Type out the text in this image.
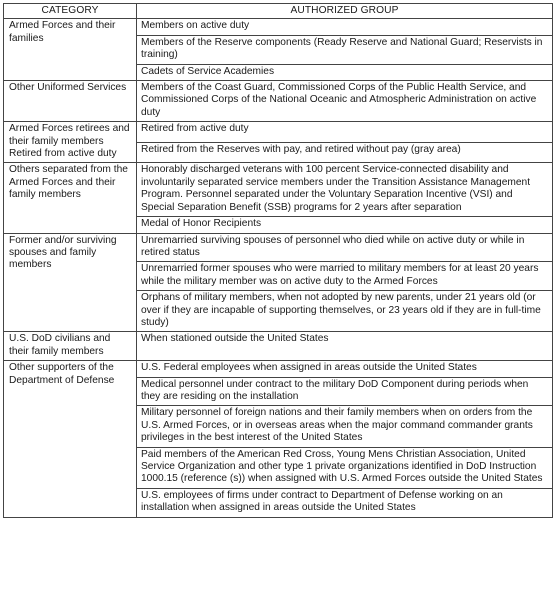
CATEGORY	AUTHORIZED GROUP
Armed Forces and their families	Members on active duty
	Members of the Reserve components (Ready Reserve and National Guard; Reservists in training)
	Cadets of Service Academies
Other Uniformed Services	Members of the Coast Guard, Commissioned Corps of the Public Health Service, and Commissioned Corps of the National Oceanic and Atmospheric Administration on active duty
Armed Forces retirees and their family members Retired from active duty	Retired from active duty
	Retired from the Reserves with pay, and retired without pay (gray area)
Others separated from the Armed Forces and their family members	Honorably discharged veterans with 100 percent Service-connected disability and involuntarily separated service members under the Transition Assistance Management Program. Personnel separated under the Voluntary Separation Incentive (VSI) and Special Separation Benefit (SSB) programs for 2 years after separation
	Medal of Honor Recipients
Former and/or surviving spouses and family members	Unremarried surviving spouses of personnel who died while on active duty or while in retired status
	Unremarried former spouses who were married to military members for at least 20 years while the military member was on active duty to the Armed Forces
	Orphans of military members, when not adopted by new parents, under 21 years old (or over if they are incapable of supporting themselves, or 23 years old if they are in full-time study)
U.S. DoD civilians and their family members	When stationed outside the United States
Other supporters of the Department of Defense	U.S. Federal employees when assigned in areas outside the United States
	Medical personnel under contract to the military DoD Component during periods when they are residing on the installation
	Military personnel of foreign nations and their family members when on orders from the U.S. Armed Forces, or in overseas areas when the major command commander grants privileges in the best interest of the United States
	Paid members of the American Red Cross, Young Mens Christian Association, United Service Organization and other type 1 private organizations identified in DoD Instruction 1000.15 (reference (s)) when assigned with U.S. Armed Forces outside the United States
	U.S. employees of firms under contract to Department of Defense working on an installation when assigned in areas outside the United States
